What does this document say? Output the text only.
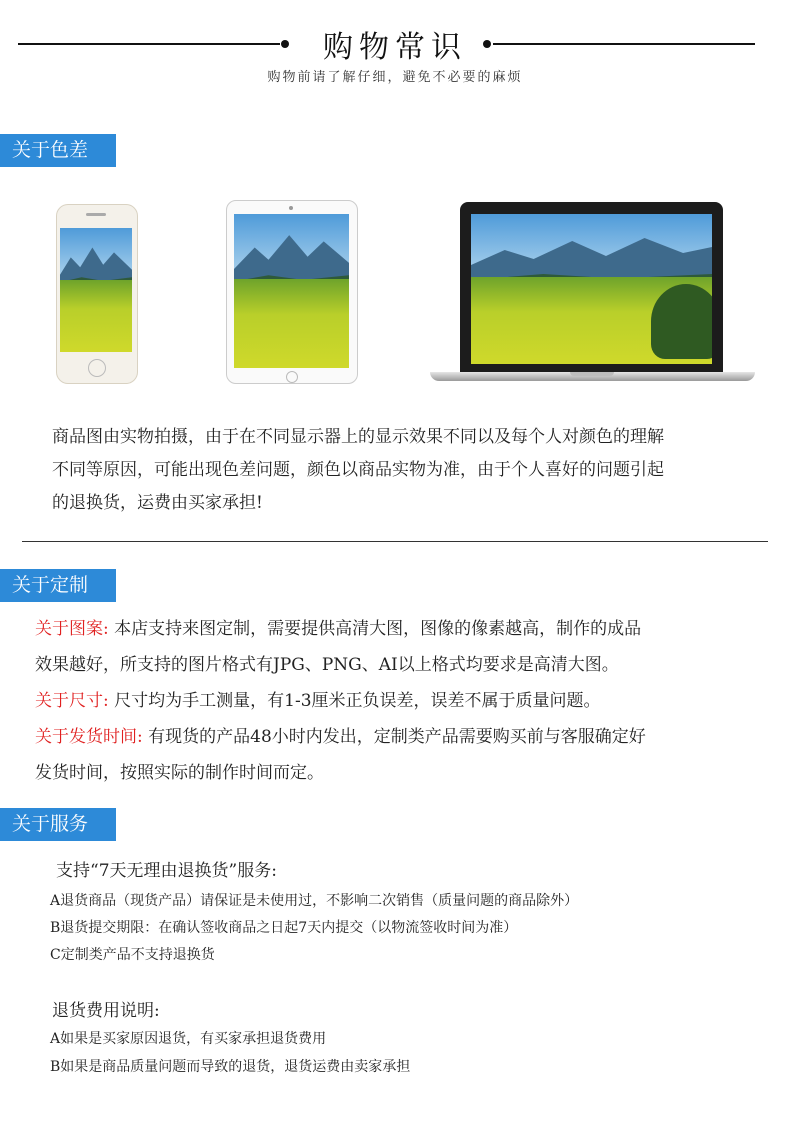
购物常识
购物前请了解仔细，避免不必要的麻烦
关于色差
商品图由实物拍摄，由于在不同显示器上的显示效果不同以及每个人对颜色的理解
不同等原因，可能出现色差问题，颜色以商品实物为准，由于个人喜好的问题引起
的退换货，运费由买家承担!
关于定制
关于图案: 本店支持来图定制，需要提供高清大图，图像的像素越高，制作的成品
效果越好，所支持的图片格式有JPG、PNG、AI以上格式均要求是高清大图。
关于尺寸: 尺寸均为手工测量，有1-3厘米正负误差，误差不属于质量问题。
关于发货时间: 有现货的产品48小时内发出，定制类产品需要购买前与客服确定好
发货时间，按照实际的制作时间而定。
关于服务
支持“7天无理由退换货”服务:
A退货商品（现货产品）请保证是未使用过，不影响二次销售（质量问题的商品除外）
B退货提交期限：在确认签收商品之日起7天内提交（以物流签收时间为准）
C定制类产品不支持退换货
退货费用说明:
A如果是买家原因退货，有买家承担退货费用
B如果是商品质量问题而导致的退货，退货运费由卖家承担
